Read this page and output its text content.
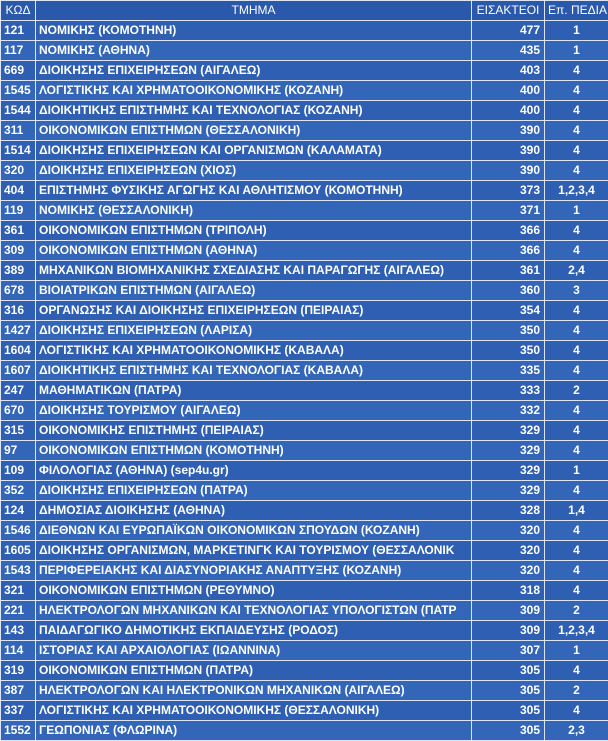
ΚΩΔ	ΤΜΗΜΑ	ΕΙΣΑΚΤΕΟΙ	Επ. ΠΕΔΙΑ
121	ΝΟΜΙΚΗΣ (ΚΟΜΟΤΗΝΗ)	477	1
117	ΝΟΜΙΚΗΣ (ΑΘΗΝΑ)	435	1
669	ΔΙΟΙΚΗΣΗΣ ΕΠΙΧΕΙΡΗΣΕΩΝ (ΑΙΓΑΛΕΩ)	403	4
1545	ΛΟΓΙΣΤΙΚΗΣ ΚΑΙ ΧΡΗΜΑΤΟΟΙΚΟΝΟΜΙΚΗΣ (ΚΟΖΑΝΗ)	400	4
1544	ΔΙΟΙΚΗΤΙΚΗΣ ΕΠΙΣΤΗΜΗΣ ΚΑΙ ΤΕΧΝΟΛΟΓΙΑΣ (ΚΟΖΑΝΗ)	400	4
311	ΟΙΚΟΝΟΜΙΚΩΝ ΕΠΙΣΤΗΜΩΝ (ΘΕΣΣΑΛΟΝΙΚΗ)	390	4
1514	ΔΙΟΙΚΗΣΗΣ ΕΠΙΧΕΙΡΗΣΕΩΝ ΚΑΙ ΟΡΓΑΝΙΣΜΩΝ (ΚΑΛΑΜΑΤΑ)	390	4
320	ΔΙΟΙΚΗΣΗΣ ΕΠΙΧΕΙΡΗΣΕΩΝ (ΧΙΟΣ)	390	4
404	ΕΠΙΣΤΗΜΗΣ ΦΥΣΙΚΗΣ ΑΓΩΓΗΣ ΚΑΙ ΑΘΛΗΤΙΣΜΟΥ (ΚΟΜΟΤΗΝΗ)	373	1,2,3,4
119	ΝΟΜΙΚΗΣ (ΘΕΣΣΑΛΟΝΙΚΗ)	371	1
361	ΟΙΚΟΝΟΜΙΚΩΝ ΕΠΙΣΤΗΜΩΝ (ΤΡΙΠΟΛΗ)	366	4
309	ΟΙΚΟΝΟΜΙΚΩΝ ΕΠΙΣΤΗΜΩΝ (ΑΘΗΝΑ)	366	4
389	ΜΗΧΑΝΙΚΩΝ ΒΙΟΜΗΧΑΝΙΚΗΣ ΣΧΕΔΙΑΣΗΣ ΚΑΙ ΠΑΡΑΓΩΓΗΣ (ΑΙΓΑΛΕΩ)	361	2,4
678	ΒΙΟΙΑΤΡΙΚΩΝ ΕΠΙΣΤΗΜΩΝ (ΑΙΓΑΛΕΩ)	360	3
316	ΟΡΓΑΝΩΣΗΣ ΚΑΙ ΔΙΟΙΚΗΣΗΣ ΕΠΙΧΕΙΡΗΣΕΩΝ (ΠΕΙΡΑΙΑΣ)	354	4
1427	ΔΙΟΙΚΗΣΗΣ ΕΠΙΧΕΙΡΗΣΕΩΝ (ΛΑΡΙΣΑ)	350	4
1604	ΛΟΓΙΣΤΙΚΗΣ ΚΑΙ ΧΡΗΜΑΤΟΟΙΚΟΝΟΜΙΚΗΣ (ΚΑΒΑΛΑ)	350	4
1607	ΔΙΟΙΚΗΤΙΚΗΣ ΕΠΙΣΤΗΜΗΣ ΚΑΙ ΤΕΧΝΟΛΟΓΙΑΣ (ΚΑΒΑΛΑ)	335	4
247	ΜΑΘΗΜΑΤΙΚΩΝ (ΠΑΤΡΑ)	333	2
670	ΔΙΟΙΚΗΣΗΣ ΤΟΥΡΙΣΜΟΥ (ΑΙΓΑΛΕΩ)	332	4
315	ΟΙΚΟΝΟΜΙΚΗΣ ΕΠΙΣΤΗΜΗΣ (ΠΕΙΡΑΙΑΣ)	329	4
97	ΟΙΚΟΝΟΜΙΚΩΝ ΕΠΙΣΤΗΜΩΝ (ΚΟΜΟΤΗΝΗ)	329	4
109	ΦΙΛΟΛΟΓΙΑΣ (ΑΘΗΝΑ) (sep4u.gr)	329	1
352	ΔΙΟΙΚΗΣΗΣ ΕΠΙΧΕΙΡΗΣΕΩΝ (ΠΑΤΡΑ)	329	4
124	ΔΗΜΟΣΙΑΣ ΔΙΟΙΚΗΣΗΣ (ΑΘΗΝΑ)	328	1,4
1546	ΔΙΕΘΝΩΝ ΚΑΙ ΕΥΡΩΠΑΪΚΩΝ ΟΙΚΟΝΟΜΙΚΩΝ ΣΠΟΥΔΩΝ (ΚΟΖΑΝΗ)	320	4
1605	ΔΙΟΙΚΗΣΗΣ ΟΡΓΑΝΙΣΜΩΝ, ΜΑΡΚΕΤΙΝΓΚ ΚΑΙ ΤΟΥΡΙΣΜΟΥ (ΘΕΣΣΑΛΟΝΙΚ	320	4
1543	ΠΕΡΙΦΕΡΕΙΑΚΗΣ ΚΑΙ ΔΙΑΣΥΝΟΡΙΑΚΗΣ ΑΝΑΠΤΥΞΗΣ (ΚΟΖΑΝΗ)	320	4
321	ΟΙΚΟΝΟΜΙΚΩΝ ΕΠΙΣΤΗΜΩΝ (ΡΕΘΥΜΝΟ)	318	4
221	ΗΛΕΚΤΡΟΛΟΓΩΝ ΜΗΧΑΝΙΚΩΝ ΚΑΙ ΤΕΧΝΟΛΟΓΙΑΣ ΥΠΟΛΟΓΙΣΤΩΝ (ΠΑΤΡ	309	2
143	ΠΑΙΔΑΓΩΓΙΚΟ ΔΗΜΟΤΙΚΗΣ ΕΚΠΑΙΔΕΥΣΗΣ (ΡΟΔΟΣ)	309	1,2,3,4
114	ΙΣΤΟΡΙΑΣ ΚΑΙ ΑΡΧΑΙΟΛΟΓΙΑΣ (ΙΩΑΝΝΙΝΑ)	307	1
319	ΟΙΚΟΝΟΜΙΚΩΝ ΕΠΙΣΤΗΜΩΝ (ΠΑΤΡΑ)	305	4
387	ΗΛΕΚΤΡΟΛΟΓΩΝ ΚΑΙ ΗΛΕΚΤΡΟΝΙΚΩΝ ΜΗΧΑΝΙΚΩΝ (ΑΙΓΑΛΕΩ)	305	2
337	ΛΟΓΙΣΤΙΚΗΣ ΚΑΙ ΧΡΗΜΑΤΟΟΙΚΟΝΟΜΙΚΗΣ (ΘΕΣΣΑΛΟΝΙΚΗ)	305	4
1552	ΓΕΩΠΟΝΙΑΣ (ΦΛΩΡΙΝΑ)	305	2,3
